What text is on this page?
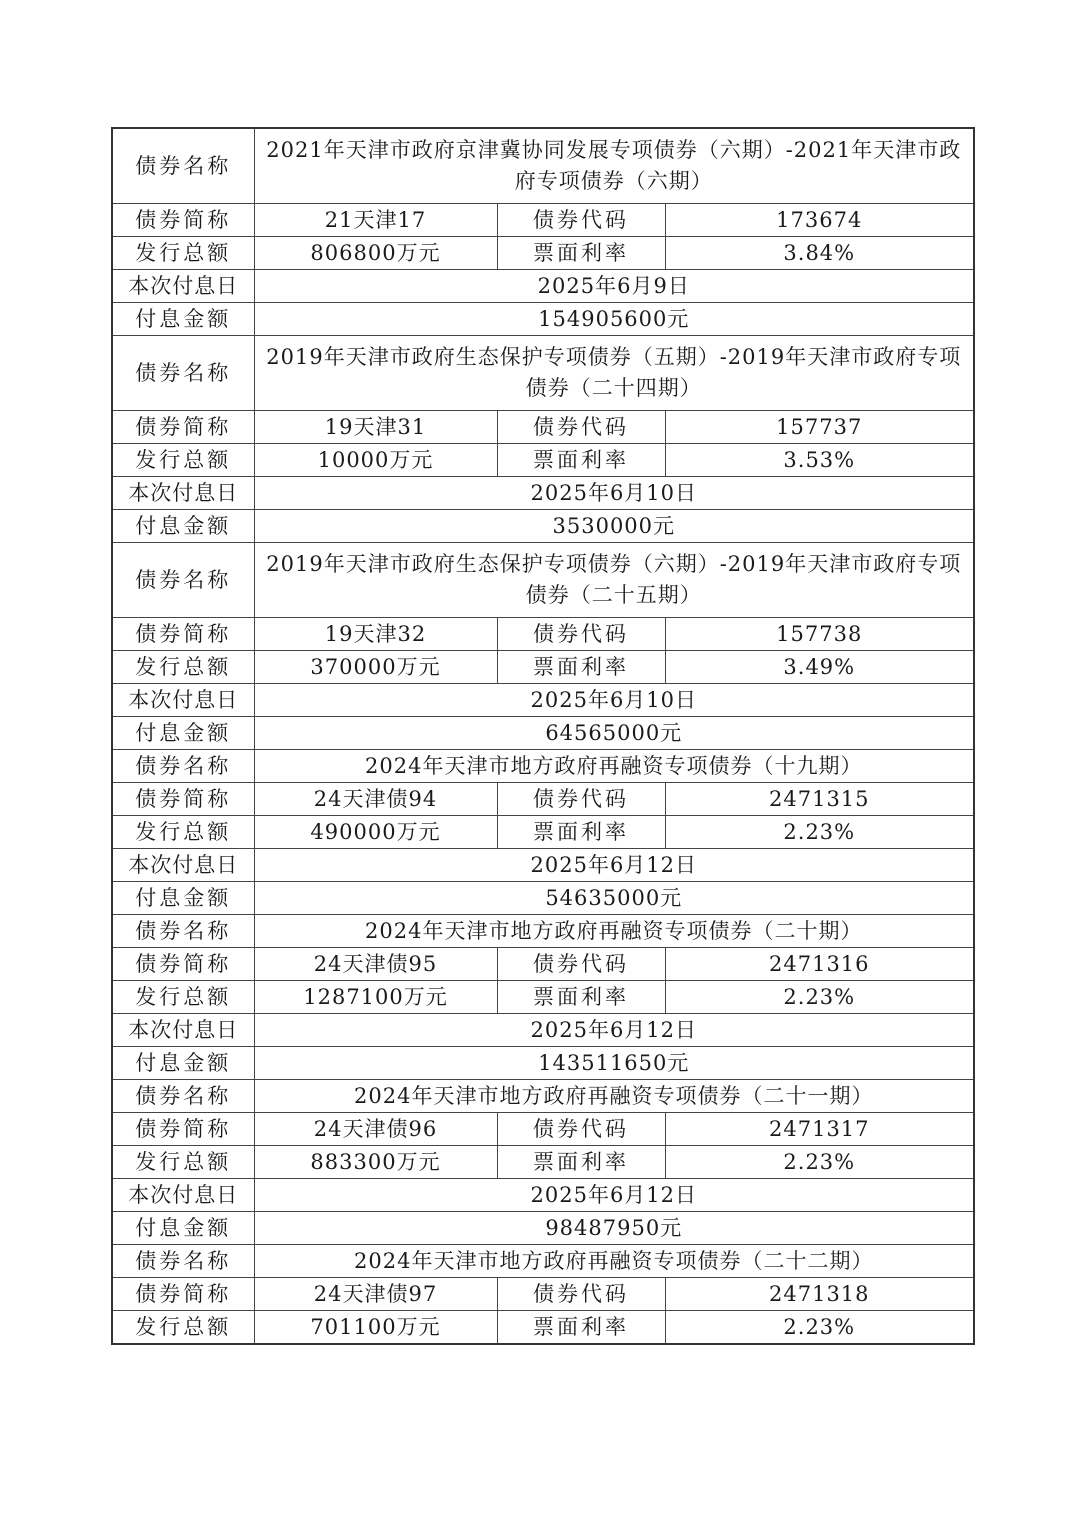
债券名称	2021年天津市政府京津冀协同发展专项债券（六期）-2021年天津市政府专项债券（六期）		
债券简称	21天津17	债券代码	173674
发行总额	806800万元	票面利率	3.84%
本次付息日	2025年6月9日		
付息金额	154905600元		
债券名称	2019年天津市政府生态保护专项债券（五期）-2019年天津市政府专项债券（二十四期）		
债券简称	19天津31	债券代码	157737
发行总额	10000万元	票面利率	3.53%
本次付息日	2025年6月10日		
付息金额	3530000元		
债券名称	2019年天津市政府生态保护专项债券（六期）-2019年天津市政府专项债券（二十五期）		
债券简称	19天津32	债券代码	157738
发行总额	370000万元	票面利率	3.49%
本次付息日	2025年6月10日		
付息金额	64565000元		
债券名称	2024年天津市地方政府再融资专项债券（十九期）		
债券简称	24天津债94	债券代码	2471315
发行总额	490000万元	票面利率	2.23%
本次付息日	2025年6月12日		
付息金额	54635000元		
债券名称	2024年天津市地方政府再融资专项债券（二十期）		
债券简称	24天津债95	债券代码	2471316
发行总额	1287100万元	票面利率	2.23%
本次付息日	2025年6月12日		
付息金额	143511650元		
债券名称	2024年天津市地方政府再融资专项债券（二十一期）		
债券简称	24天津债96	债券代码	2471317
发行总额	883300万元	票面利率	2.23%
本次付息日	2025年6月12日		
付息金额	98487950元		
债券名称	2024年天津市地方政府再融资专项债券（二十二期）		
债券简称	24天津债97	债券代码	2471318
发行总额	701100万元	票面利率	2.23%
